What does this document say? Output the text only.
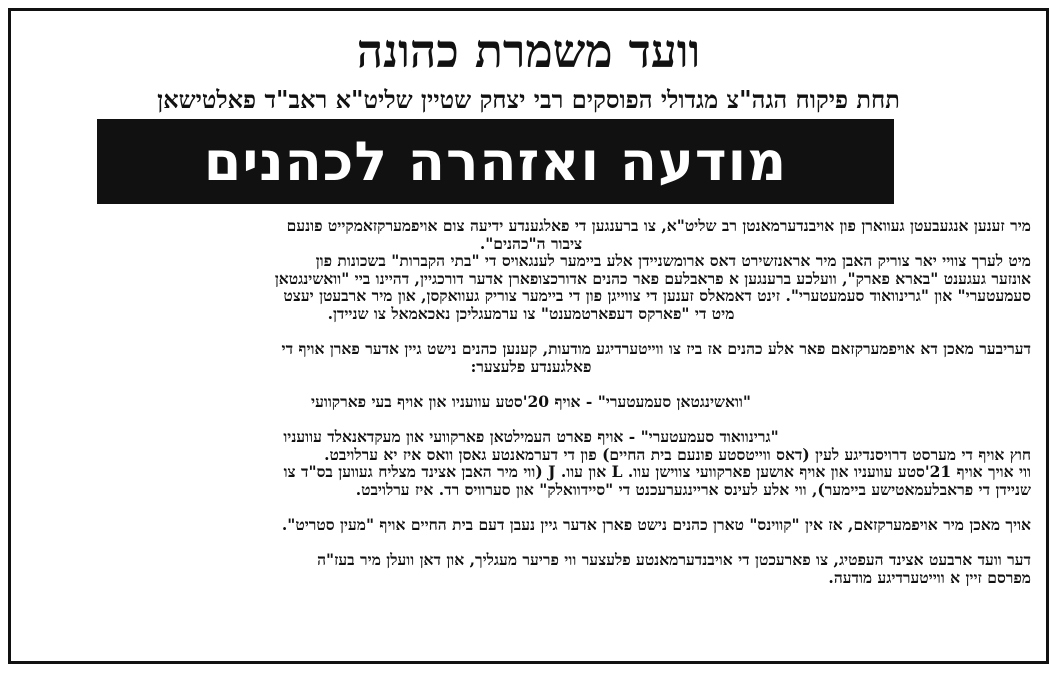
וועד משמרת כהונה
תחת פיקוח הגה"צ מגדולי הפוסקים רבי יצחק שטיין שליט"א ראב"ד פאלטישאן
מודעה ואזהרה לכהנים
מיר זענען אנגעבעטן געווארן פון אויבנדערמאנטן רב שליט"א, צו ברענגען די פאלגענדע ידיעה צום אויפמערקזאמקייט פונעם
ציבור ה"כהנים".
מיט לערך צוויי יאר צוריק האבן מיר אראנזשירט דאס ארומשניידן אלע ביימער לענגאויס די "בתי הקברות" בשכונות פון
אונזער געגענט "בארא פארק", וועלכע ברענגען א פראבלעם פאר כהנים אדורכצופארן אדער דורכגיין, דהיינו ביי "וואשינגטאן
סעמעטערי" און "גרינוואוד סעמעטערי". זינט דאמאלס זענען די צווייגן פון די ביימער צוריק געוואקסן, און מיר ארבעטן יעצט
מיט די "פארקס דעפארטמענט" צו ערמעגליכן נאכאמאל צו שניידן.
דעריבער מאכן דא אויפמערקזאם פאר אלע כהנים אז ביז צו ווייטערדיגע מודעות, קענען כהנים נישט גיין אדער פארן אויף די
פאלגענדע פלעצער:
"וואשינגטאן סעמעטערי" - אויף 20'סטע עוועניו און אויף בעי פארקוועי
"גרינוואוד סעמעטערי" - אויף פארט העמילטאן פארקוועי און מעקדאנאלד עוועניו
חוץ אויף די מערסט דרויסנדיגע לעין (דאס ווייטסטע פונעם בית החיים) פון די דערמאנטע גאסן וואס איז יא ערלויבט.
ווי אויך אויף 21'סטע עוועניו און אויף אושען פארקוועי צווישן עוו. L און עוו. J (ווי מיר האבן אצינד מצליח געווען בס"ד צו
שניידן די פראבלעמאטישע ביימער), ווי אלע לעינס אריינגערעכנט די "סיידוואלק" און סערוויס רד. איז ערלויבט.
אויך מאכן מיר אויפמערקזאם, אז אין "קווינס" טארן כהנים נישט פארן אדער גיין נעבן דעם בית החיים אויף "מעין סטריט".
דער וועד ארבעט אצינד העפטיג, צו פארעכטן די אויבנדערמאנטע פלעצער ווי פריער מעגליך, און דאן וועלן מיר בעז"ה
מפרסם זיין א ווייטערדיגע מודעה.
